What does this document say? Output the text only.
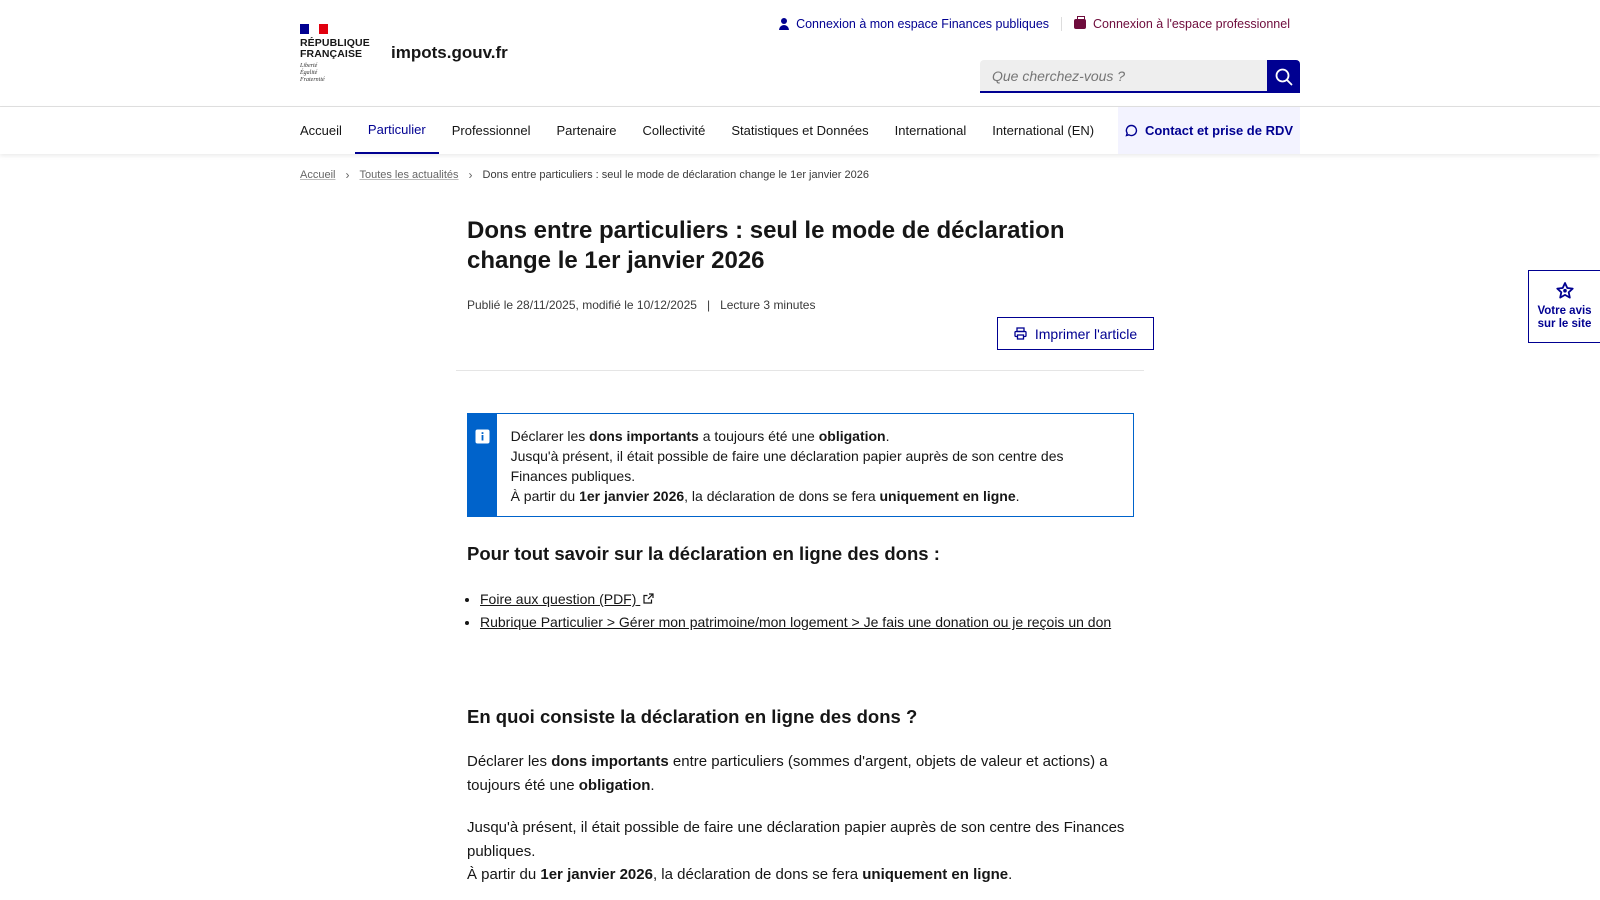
RÉPUBLIQUE
FRANÇAISE
Liberté
Égalité
Fraternité
impots.gouv.fr
Connexion à mon espace Finances publiques	Connexion à l'espace professionnel
Que cherchez-vous ?
Accueil	Particulier	Professionnel	Partenaire	Collectivité	Statistiques et Données	International	International (EN)	Contact et prise de RDV
Accueil › Toutes les actualités › Dons entre particuliers : seul le mode de déclaration change le 1er janvier 2026
Dons entre particuliers : seul le mode de déclaration change le 1er janvier 2026
Publié le 28/11/2025, modifié le 10/12/2025   |   Lecture 3 minutes
Imprimer l'article
Déclarer les dons importants a toujours été une obligation.
Jusqu'à présent, il était possible de faire une déclaration papier auprès de son centre des Finances publiques.
À partir du 1er janvier 2026, la déclaration de dons se fera uniquement en ligne.
Pour tout savoir sur la déclaration en ligne des dons :
• Foire aux question (PDF)
• Rubrique Particulier > Gérer mon patrimoine/mon logement > Je fais une donation ou je reçois un don
En quoi consiste la déclaration en ligne des dons ?

Déclarer les dons importants entre particuliers (sommes d'argent, objets de valeur et actions) a toujours été une obligation.

Jusqu'à présent, il était possible de faire une déclaration papier auprès de son centre des Finances publiques.
À partir du 1er janvier 2026, la déclaration de dons se fera uniquement en ligne.

Votre avis
sur le site
